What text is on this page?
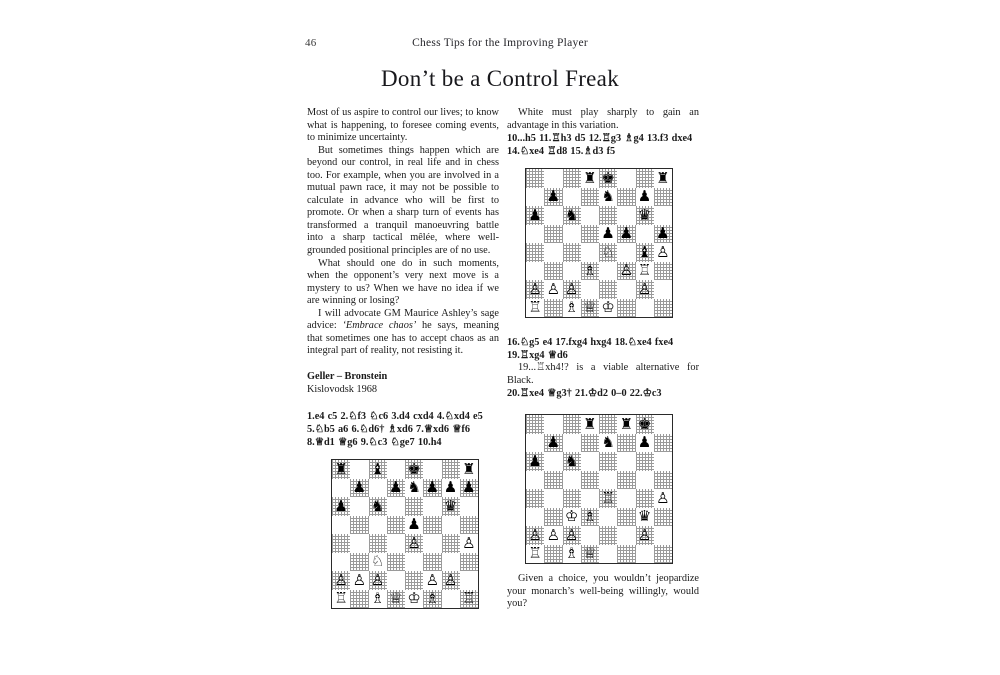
46	Chess Tips for the Improving Player
Don’t be a Control Freak

Most of us aspire to control our lives; to know what is happening, to foresee coming events, to minimize uncertainty.

But sometimes things happen which are beyond our control, in real life and in chess too. For example, when you are involved in a mutual pawn race, it may not be possible to calculate in advance who will be first to promote. Or when a sharp turn of events has transformed a tranquil manoeuvring battle into a sharp tactical mêlée, where well-grounded positional principles are of no use.

What should one do in such moments, when the opponent’s very next move is a mystery to us? When we have no idea if we are winning or losing?

I will advocate GM Maurice Ashley’s sage advice: ‘Embrace chaos’ he says, meaning that sometimes one has to accept chaos as an integral part of reality, not resisting it.

Geller – Bronstein

Kislovodsk 1968

1.e4 c5 2.♘f3 ♘c6 3.d4 cxd4 4.♘xd4 e5 5.♘b5 a6 6.♘d6† ♗xd6 7.♕xd6 ♕f6 8.♕d1 ♕g6 9.♘c3 ♘ge7 10.h4

White must play sharply to gain an advantage in this variation.

10...h5 11.♖h3 d5 12.♖g3 ♗g4 13.f3 dxe4 14.♘xe4 ♖d8 15.♗d3 f5

16.♘g5 e4 17.fxg4 hxg4 18.♘xe4 fxe4 19.♖xg4 ♕d6

19...♖xh4!? is a viable alternative for Black.

20.♖xe4 ♕g3† 21.♔d2 0–0 22.♔c3

Given a choice, you wouldn’t jeopardize your monarch’s well-being willingly, would you?

♜ ♚	♜
♟	♞ ♟
♟ ♞	♛
♟ ♟ ♟
♘ ♝ ♙
♗ ♙ ♖
♙ ♙ ♙	♙
♖ ♗ ♕ ♔
♜ ♜ ♚
♟	♞ ♟
♟ ♞
♖	♙
♔ ♗	♛
♙ ♙ ♙	♙
♖ ♗ ♕
♜ ♝ ♚	♜
♟ ♟ ♞ ♟ ♟ ♟
♟ ♞	♛
♟
♙	♙
♘
♙ ♙ ♙	♙ ♙
♖ ♗ ♕ ♔ ♗ ♖
